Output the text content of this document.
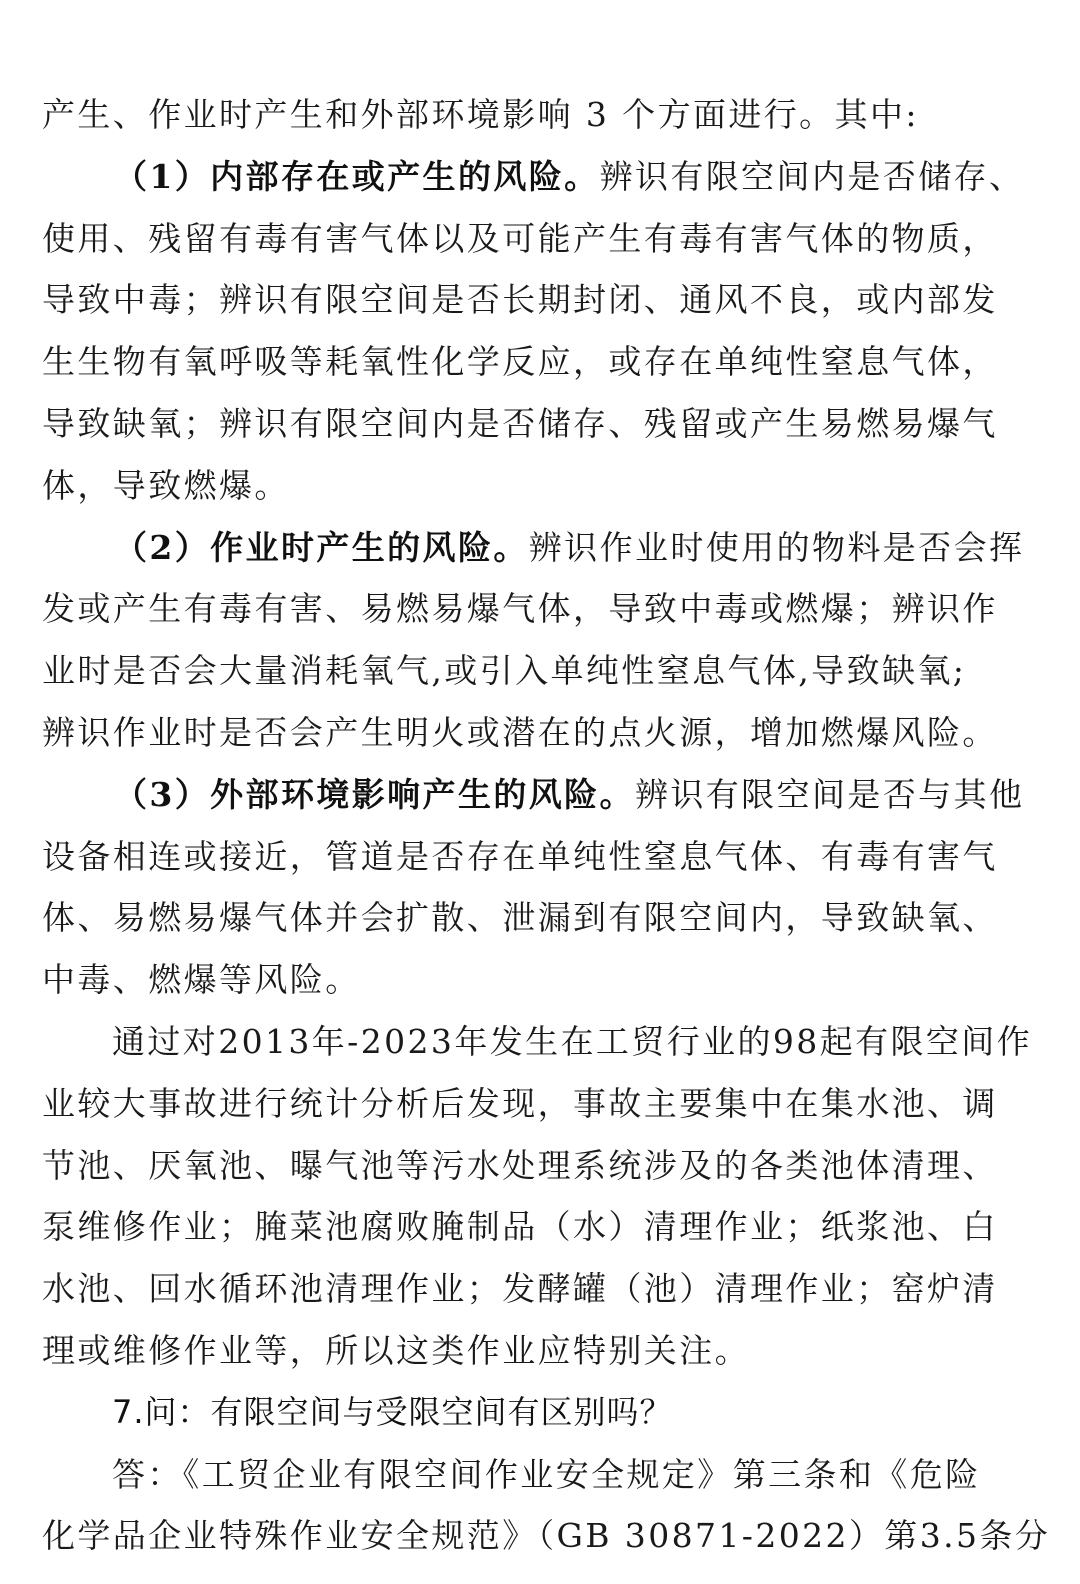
产生、作业时产生和外部环境影响 3 个方面进行。其中:
（1）内部存在或产生的风险。辨识有限空间内是否储存、
使用、残留有毒有害气体以及可能产生有毒有害气体的物质，
导致中毒；辨识有限空间是否长期封闭、通风不良，或内部发
生生物有氧呼吸等耗氧性化学反应，或存在单纯性窒息气体，
导致缺氧；辨识有限空间内是否储存、残留或产生易燃易爆气
体，导致燃爆。
（2）作业时产生的风险。辨识作业时使用的物料是否会挥
发或产生有毒有害、易燃易爆气体，导致中毒或燃爆；辨识作
业时是否会大量消耗氧气,或引入单纯性窒息气体,导致缺氧;
辨识作业时是否会产生明火或潜在的点火源，增加燃爆风险。
（3）外部环境影响产生的风险。辨识有限空间是否与其他
设备相连或接近，管道是否存在单纯性窒息气体、有毒有害气
体、易燃易爆气体并会扩散、泄漏到有限空间内，导致缺氧、
中毒、燃爆等风险。
通过对2013年-2023年发生在工贸行业的98起有限空间作
业较大事故进行统计分析后发现，事故主要集中在集水池、调
节池、厌氧池、曝气池等污水处理系统涉及的各类池体清理、
泵维修作业；腌菜池腐败腌制品（水）清理作业；纸浆池、白
水池、回水循环池清理作业；发酵罐（池）清理作业；窑炉清
理或维修作业等，所以这类作业应特别关注。
7.问：有限空间与受限空间有区别吗？
答：《工贸企业有限空间作业安全规定》第三条和《危险
化学品企业特殊作业安全规范》（GB 30871-2022）第3.5条分
